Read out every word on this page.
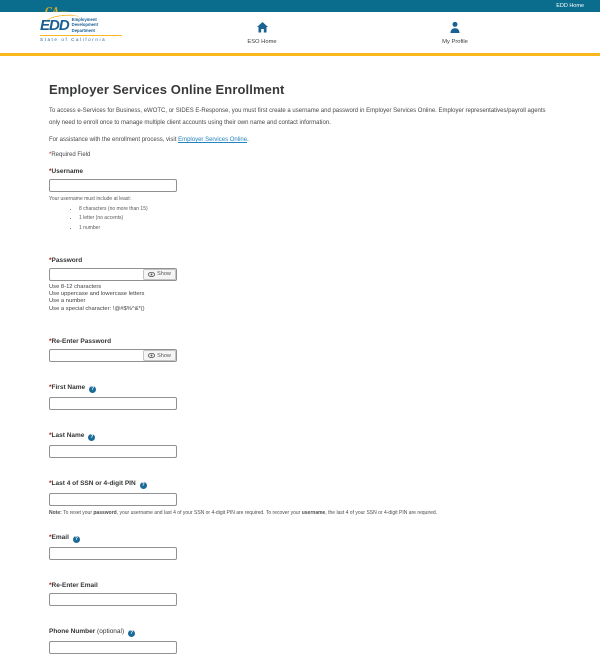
EDD Home
EDD Employment
Development
Department
State of California	ESO Home	My Profile
Employer Services Online Enrollment

To access e-Services for Business, eWOTC, or SIDES E-Response, you must first create a username and password in Employer Services Online. Employer representatives/payroll agents only need to enroll once to manage multiple client accounts using their own name and contact information.

For assistance with the enrollment process, visit Employer Services Online.

*Required Field

*Username
Your username must include at least:
• 8 characters (no more than 15)
• 1 letter (no accents)
• 1 number
*Password
Show
Use 8-12 characters
Use uppercase and lowercase letters
Use a number
Use a special character: !@#$%^&*()
*Re-Enter Password
Show
*First Name ?
*Last Name ?
*Last 4 of SSN or 4-digit PIN ?

Note: To reset your password, your username and last 4 of your SSN or 4-digit PIN are required. To recover your username, the last 4 of your SSN or 4-digit PIN are required.

*Email ?
*Re-Enter Email
Phone Number (optional) ?
